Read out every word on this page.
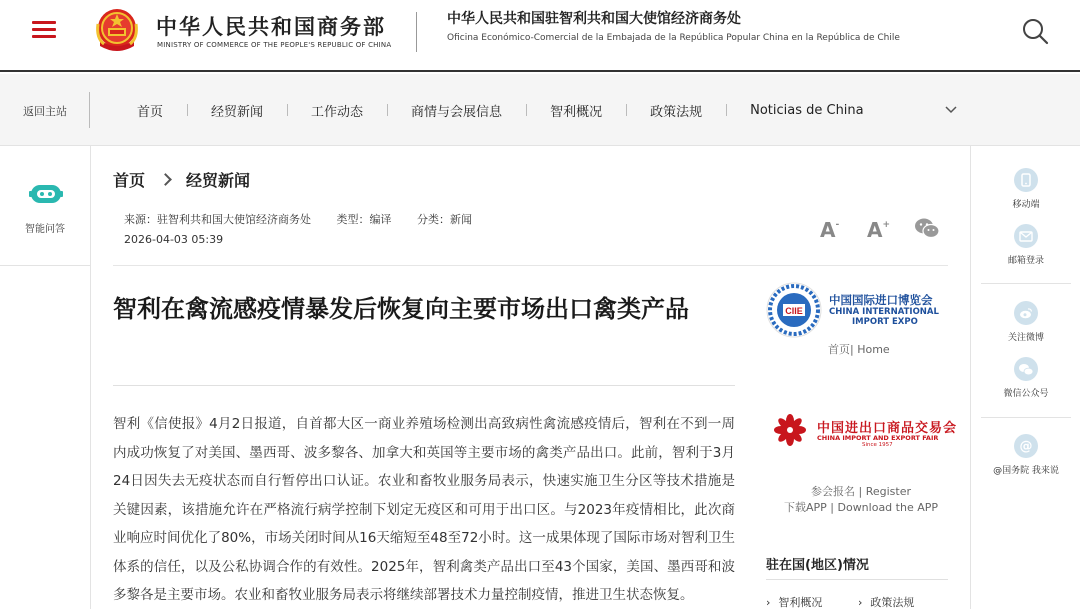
中华人民共和国商务部
MINISTRY OF COMMERCE OF THE PEOPLE'S REPUBLIC OF CHINA
中华人民共和国驻智利共和国大使馆经济商务处
Oficina Económico-Comercial de la Embajada de la República Popular China en la República de Chile
返回主站	首页	经贸新闻	工作动态	商情与会展信息	智利概况	政策法规	Noticias de China
智能问答
移动端
邮箱登录
关注微博
微信公众号
@
@国务院 我来说
首页	经贸新闻
来源：驻智利共和国大使馆经济商务处 类型：编译 分类：新闻
2026-04-03 05:39	A- A+
智利在禽流感疫情暴发后恢复向主要市场出口禽类产品
智利《信使报》4月2日报道，自首都大区一商业养殖场检测出高致病性禽流感疫情后，智利在不到一周内成功恢复了对美国、墨西哥、波多黎各、加拿大和英国等主要市场的禽类产品出口。此前，智利于3月24日因失去无疫状态而自行暂停出口认证。农业和畜牧业服务局表示，快速实施卫生分区等技术措施是关键因素，该措施允许在严格流行病学控制下划定无疫区和可用于出口区。与2023年疫情相比，此次商业响应时间优化了80%，市场关闭时间从16天缩短至48至72小时。这一成果体现了国际市场对智利卫生体系的信任，以及公私协调合作的有效性。2025年，智利禽类产品出口至43个国家，美国、墨西哥和波多黎各是主要市场。农业和畜牧业服务局表示将继续部署技术力量控制疫情，推进卫生状态恢复。
CIIE
中国国际进口博览会
CHINA INTERNATIONAL
IMPORT EXPO
首页| Home
中国进出口商品交易会
CHINA IMPORT AND EXPORT FAIR
Since 1957
参会报名 | Register
下载APP | Download the APP
驻在国(地区)情况
› 智利概况
›	政策法规
